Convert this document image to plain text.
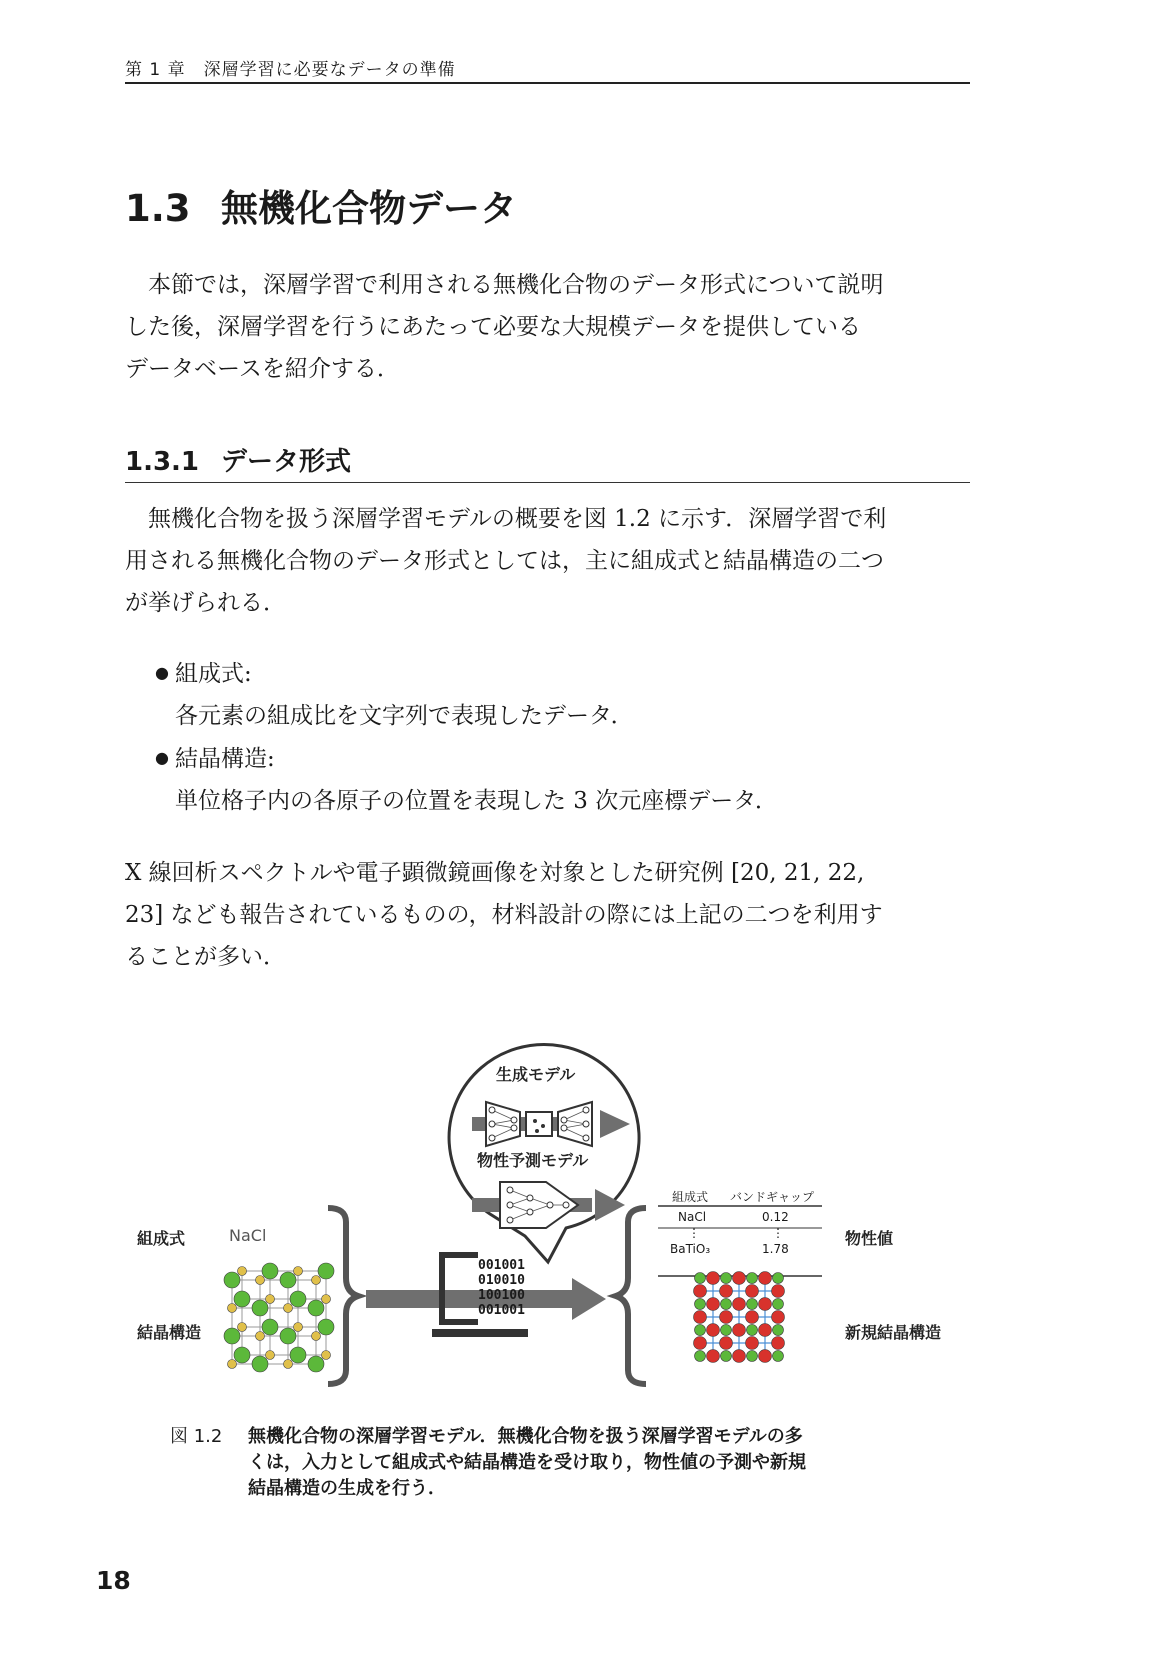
第 1 章　深層学習に必要なデータの準備
1.3 無機化合物データ
本節では，深層学習で利用される無機化合物のデータ形式について説明
した後，深層学習を行うにあたって必要な大規模データを提供している
データベースを紹介する．
1.3.1 データ形式
無機化合物を扱う深層学習モデルの概要を図 1.2 に示す．深層学習で利
用される無機化合物のデータ形式としては，主に組成式と結晶構造の二つ
が挙げられる．
● 組成式:
各元素の組成比を文字列で表現したデータ．
● 結晶構造:
単位格子内の各原子の位置を表現した 3 次元座標データ．
X 線回析スペクトルや電子顕微鏡画像を対象とした研究例 [20, 21, 22,
23] なども報告されているものの，材料設計の際には上記の二つを利用す
ることが多い．
組成式	NaCl
結晶構造
生成モデル
物性予測モデル
001001
010010
100100
001001
組成式 バンドギャップ
NaCl	0.12
⋮	⋮
BaTiO₃	1.78
物性値
新規結晶構造
図 1.2 無機化合物の深層学習モデル．無機化合物を扱う深層学習モデルの多
くは，入力として組成式や結晶構造を受け取り，物性値の予測や新規
結晶構造の生成を行う．
18
